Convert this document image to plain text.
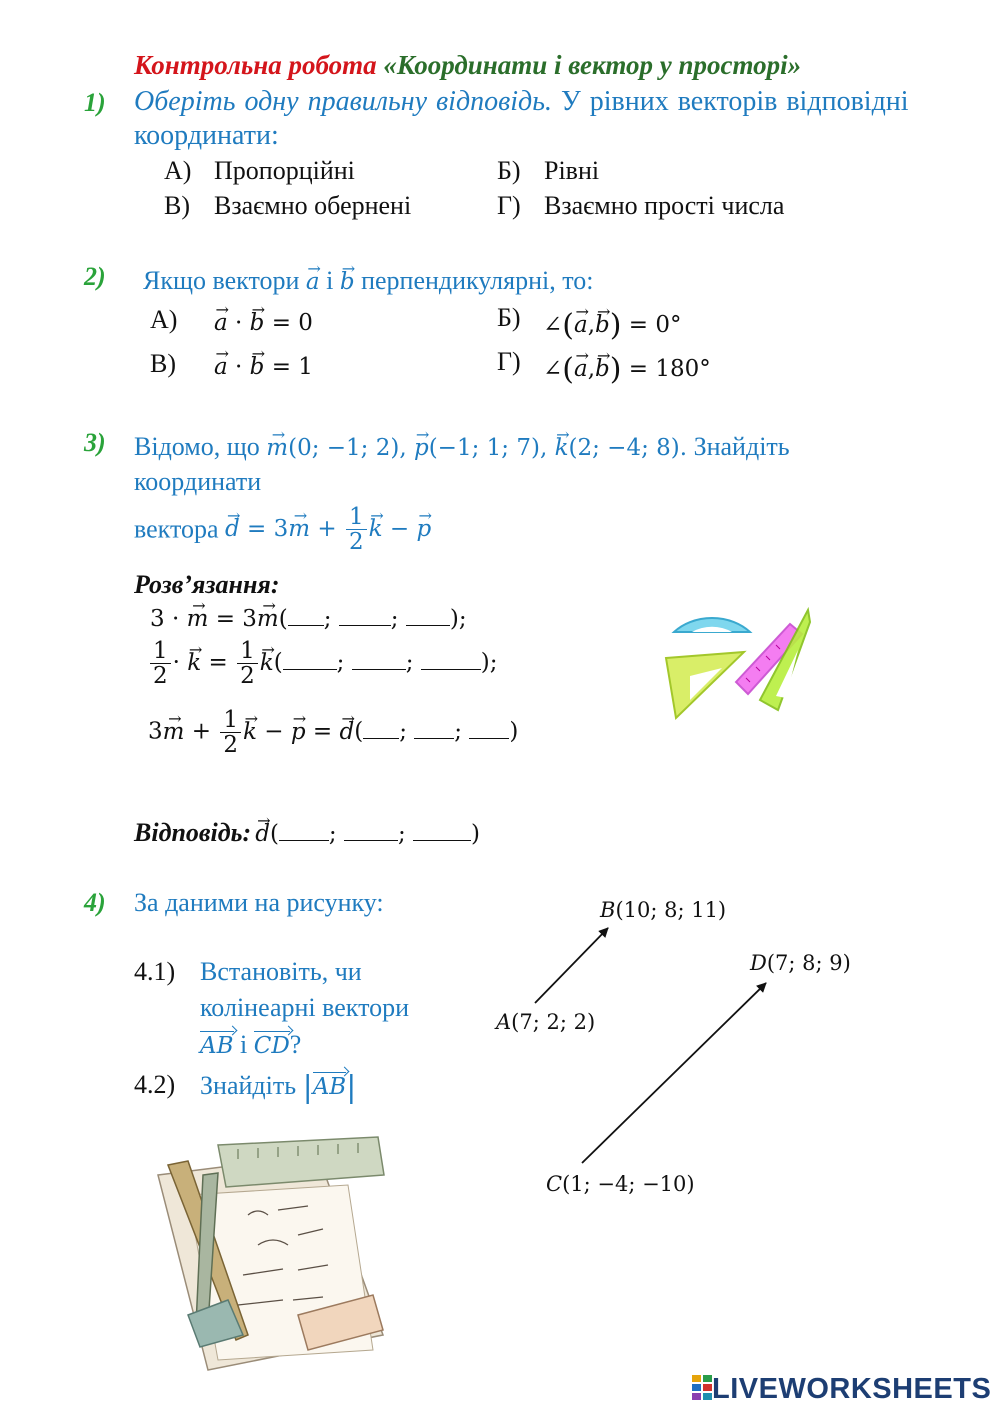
Контрольна робота «Координати і вектор у просторі»
1) Оберіть одну правильну відповідь. У рівних векторів відповідні
координати:
А) Пропорційні	Б) Рівні
В) Взаємно обернені	Г) Взаємно прості числа
2) Якщо вектори → a і → b перпендикулярні, то:
А)
→ a · → b = 0	Б) ∠(→ a,→ b) = 0°
В)
→ a · → b = 1	Г) ∠(→ a,→ b) = 180°
3) Відомо, що → m(0; −1; 2), → p(−1; 1; 7), → k(2; −4; 8). Знайдіть
координати
вектора → $d = 3\to m + \frac{1}{2}$
→ k − → p
Розв’язання:
3 · → m = 3→ m( ; ; );
$\frac{1}{2}$ · → $k = \frac{1}{2}$
→ k( ; ;	);
$3\to m + \frac{1}{2}$
→ k − → p = → d( ; ; )
Відповідь: → d( ; ;	)
4) За даними на рисунку:
4.1) Встановіть, чи
колінеарні вектори
AB і CD?
4.2) Знайдіть |AB|
B(10; 8; 11)
D(7; 8; 9)
A(7; 2; 2)
C(1; −4; −10)
LIVEWORKSHEETS
